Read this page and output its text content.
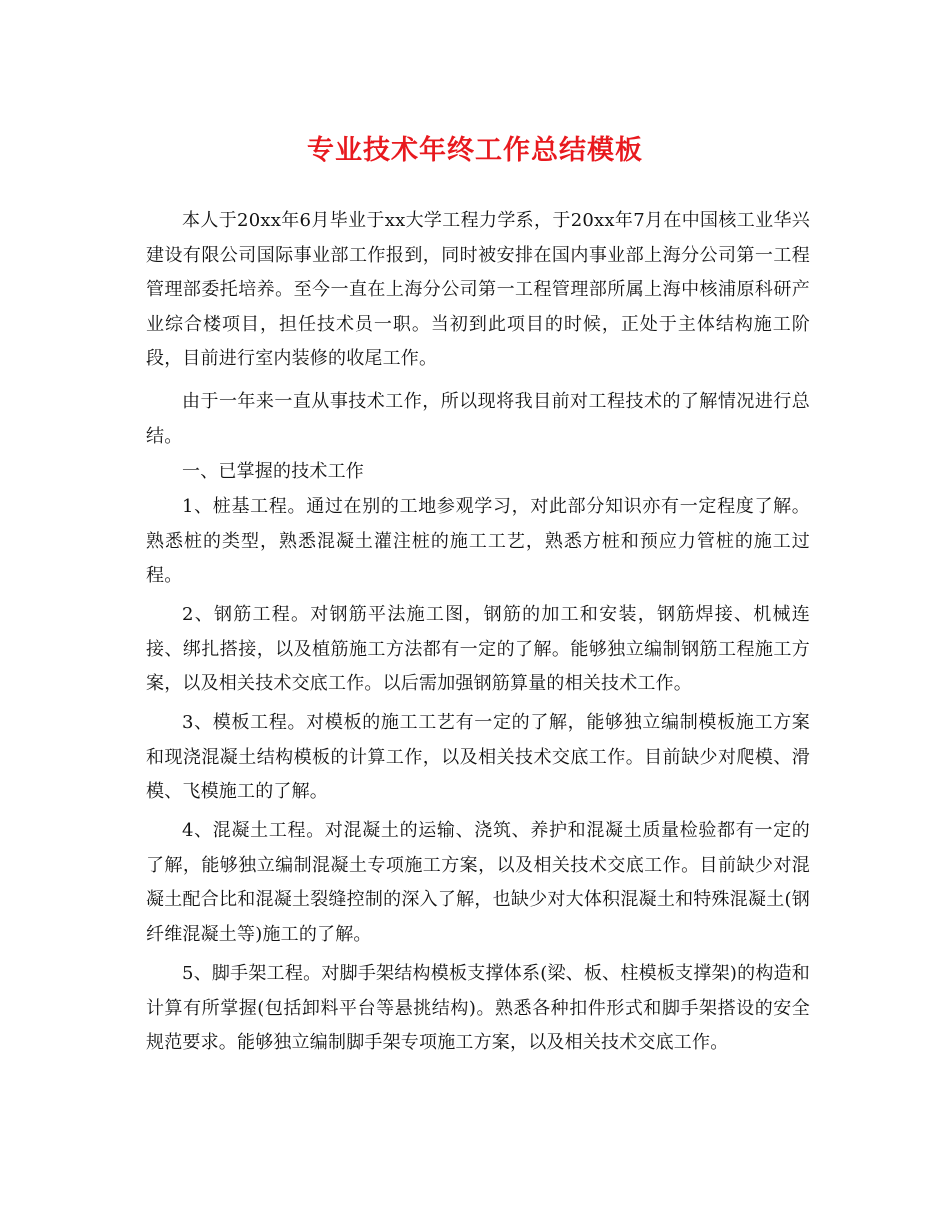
专业技术年终工作总结模板

本人于20xx年6月毕业于xx大学工程力学系，于20xx年7月在中国核工业华兴建设有限公司国际事业部工作报到，同时被安排在国内事业部上海分公司第一工程管理部委托培养。至今一直在上海分公司第一工程管理部所属上海中核浦原科研产业综合楼项目，担任技术员一职。当初到此项目的时候，正处于主体结构施工阶段，目前进行室内装修的收尾工作。

由于一年来一直从事技术工作，所以现将我目前对工程技术的了解情况进行总结。

一、已掌握的技术工作

1、桩基工程。通过在别的工地参观学习，对此部分知识亦有一定程度了解。熟悉桩的类型，熟悉混凝土灌注桩的施工工艺，熟悉方桩和预应力管桩的施工过程。

2、钢筋工程。对钢筋平法施工图，钢筋的加工和安装，钢筋焊接、机械连接、绑扎搭接，以及植筋施工方法都有一定的了解。能够独立编制钢筋工程施工方案，以及相关技术交底工作。以后需加强钢筋算量的相关技术工作。

3、模板工程。对模板的施工工艺有一定的了解，能够独立编制模板施工方案和现浇混凝土结构模板的计算工作，以及相关技术交底工作。目前缺少对爬模、滑模、飞模施工的了解。

4、混凝土工程。对混凝土的运输、浇筑、养护和混凝土质量检验都有一定的了解，能够独立编制混凝土专项施工方案，以及相关技术交底工作。目前缺少对混凝土配合比和混凝土裂缝控制的深入了解，也缺少对大体积混凝土和特殊混凝土(钢纤维混凝土等)施工的了解。

5、脚手架工程。对脚手架结构模板支撑体系(梁、板、柱模板支撑架)的构造和计算有所掌握(包括卸料平台等悬挑结构)。熟悉各种扣件形式和脚手架搭设的安全规范要求。能够独立编制脚手架专项施工方案，以及相关技术交底工作。
